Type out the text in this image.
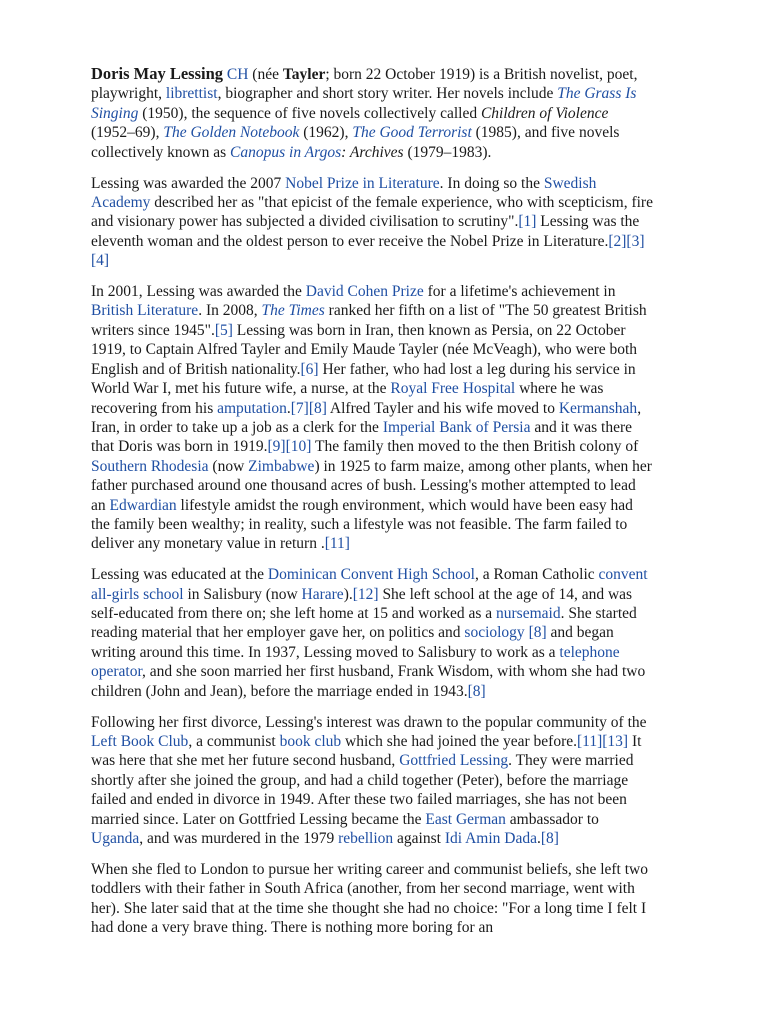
Doris May Lessing CH (née Tayler; born 22 October 1919) is a British novelist, poet, playwright, librettist, biographer and short story writer. Her novels include The Grass Is Singing (1950), the sequence of five novels collectively called Children of Violence (1952–69), The Golden Notebook (1962), The Good Terrorist (1985), and five novels collectively known as Canopus in Argos: Archives (1979–1983).

Lessing was awarded the 2007 Nobel Prize in Literature. In doing so the Swedish Academy described her as "that epicist of the female experience, who with scepticism, fire and visionary power has subjected a divided civilisation to scrutiny".[1] Lessing was the eleventh woman and the oldest person to ever receive the Nobel Prize in Literature.[2][3][4]

In 2001, Lessing was awarded the David Cohen Prize for a lifetime's achievement in British Literature. In 2008, The Times ranked her fifth on a list of "The 50 greatest British writers since 1945".[5] Lessing was born in Iran, then known as Persia, on 22 October 1919, to Captain Alfred Tayler and Emily Maude Tayler (née McVeagh), who were both English and of British nationality.[6] Her father, who had lost a leg during his service in World War I, met his future wife, a nurse, at the Royal Free Hospital where he was recovering from his amputation.[7][8] Alfred Tayler and his wife moved to Kermanshah, Iran, in order to take up a job as a clerk for the Imperial Bank of Persia and it was there that Doris was born in 1919.[9][10] The family then moved to the then British colony of Southern Rhodesia (now Zimbabwe) in 1925 to farm maize, among other plants, when her father purchased around one thousand acres of bush. Lessing's mother attempted to lead an Edwardian lifestyle amidst the rough environment, which would have been easy had the family been wealthy; in reality, such a lifestyle was not feasible. The farm failed to deliver any monetary value in return .[11]

Lessing was educated at the Dominican Convent High School, a Roman Catholic convent all-girls school in Salisbury (now Harare).[12] She left school at the age of 14, and was self-educated from there on; she left home at 15 and worked as a nursemaid. She started reading material that her employer gave her, on politics and sociology [8] and began writing around this time. In 1937, Lessing moved to Salisbury to work as a telephone operator, and she soon married her first husband, Frank Wisdom, with whom she had two children (John and Jean), before the marriage ended in 1943.[8]

Following her first divorce, Lessing's interest was drawn to the popular community of the Left Book Club, a communist book club which she had joined the year before.[11][13] It was here that she met her future second husband, Gottfried Lessing. They were married shortly after she joined the group, and had a child together (Peter), before the marriage failed and ended in divorce in 1949. After these two failed marriages, she has not been married since. Later on Gottfried Lessing became the East German ambassador to Uganda, and was murdered in the 1979 rebellion against Idi Amin Dada.[8]

When she fled to London to pursue her writing career and communist beliefs, she left two toddlers with their father in South Africa (another, from her second marriage, went with her). She later said that at the time she thought she had no choice: "For a long time I felt I had done a very brave thing. There is nothing more boring for an
